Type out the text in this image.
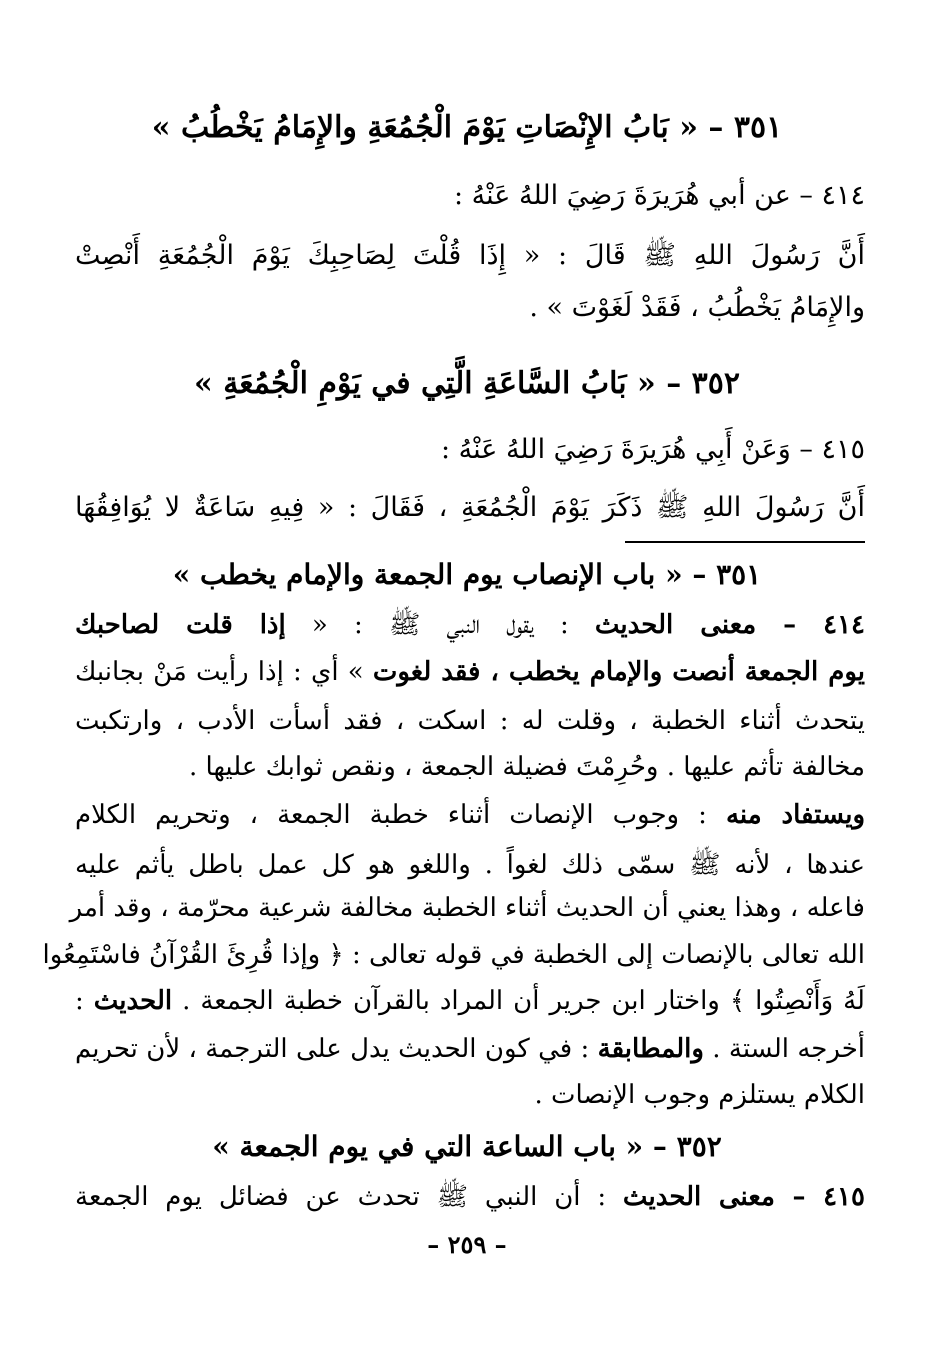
٣٥١ – « بَابُ الإِنْصَاتِ يَوْمَ الْجُمُعَةِ والإِمَامُ يَخْطُبُ »
٤١٤ – عن أبي هُرَيرَةَ رَضِيَ اللهُ عَنْهُ :
أَنَّ رَسُولَ اللهِ ﷺ قَالَ : « إِذَا قُلْتَ لِصَاحِبِكَ يَوْمَ الْجُمُعَةِ أَنْصِتْ
والإِمَامُ يَخْطُبُ ، فَقَدْ لَغَوْتَ » .
٣٥٢ – « بَابُ السَّاعَةِ الَّتِي في يَوْمِ الْجُمُعَةِ »
٤١٥ – وَعَنْ أَبِي هُرَيرَةَ رَضِيَ اللهُ عَنْهُ :
أَنَّ رَسُولَ اللهِ ﷺ ذَكَرَ يَوْمَ الْجُمُعَةِ ، فَقَالَ : « فِيهِ سَاعَةٌ لا يُوَافِقُهَا
٣٥١ – « باب الإنصاب يوم الجمعة والإمام يخطب »
٤١٤ – معنى الحديث : يقول النبي ﷺ : « إذا قلت لصاحبك
يوم الجمعة أنصت والإمام يخطب ، فقد لغوت » أي : إذا رأيت مَنْ بجانبك
يتحدث أثناء الخطبة ، وقلت له : اسكت ، فقد أسأت الأدب ، وارتكبت
مخالفة تأثم عليها . وحُرِمْتَ فضيلة الجمعة ، ونقص ثوابك عليها .
ويستفاد منه : وجوب الإنصات أثناء خطبة الجمعة ، وتحريم الكلام
عندها ، لأنه ﷺ سمّى ذلك لغواً . واللغو هو كل عمل باطل يأثم عليه
فاعله ، وهذا يعني أن الحديث أثناء الخطبة مخالفة شرعية محرّمة ، وقد أمر
الله تعالى بالإنصات إلى الخطبة في قوله تعالى : ﴿ وإذا قُرِئَ القُرْآنُ فاسْتَمِعُوا
لَهُ وَأَنْصِتُوا ﴾ واختار ابن جرير أن المراد بالقرآن خطبة الجمعة . الحديث :
أخرجه الستة . والمطابقة : في كون الحديث يدل على الترجمة ، لأن تحريم
الكلام يستلزم وجوب الإنصات .
٣٥٢ – « باب الساعة التي في يوم الجمعة »
٤١٥ – معنى الحديث : أن النبي ﷺ تحدث عن فضائل يوم الجمعة
– ٢٥٩ –
